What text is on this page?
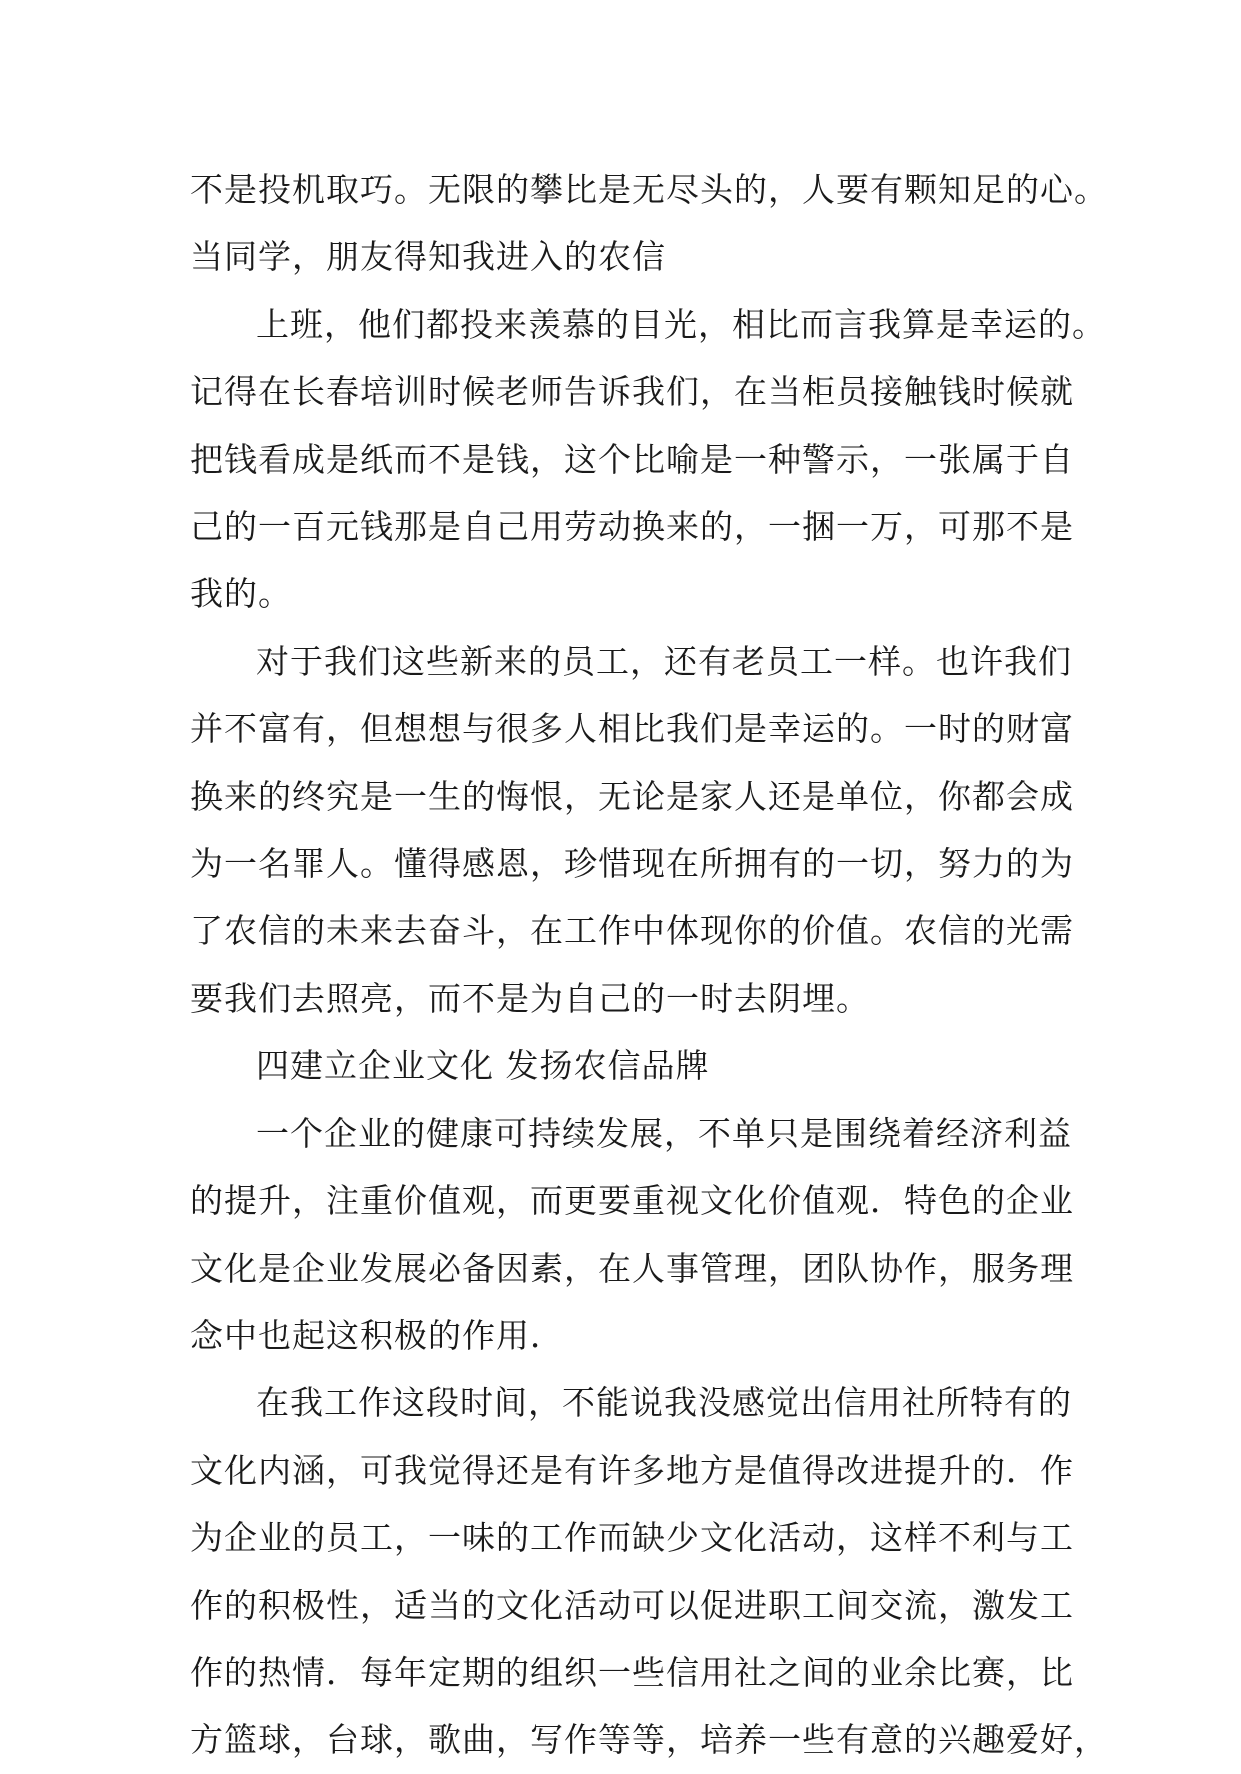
不是投机取巧。无限的攀比是无尽头的，人要有颗知足的心。
当同学，朋友得知我进入的农信
上班，他们都投来羡慕的目光，相比而言我算是幸运的。
记得在长春培训时候老师告诉我们，在当柜员接触钱时候就
把钱看成是纸而不是钱，这个比喻是一种警示，一张属于自
己的一百元钱那是自己用劳动换来的，一捆一万，可那不是
我的。
对于我们这些新来的员工，还有老员工一样。也许我们
并不富有，但想想与很多人相比我们是幸运的。一时的财富
换来的终究是一生的悔恨，无论是家人还是单位，你都会成
为一名罪人。懂得感恩，珍惜现在所拥有的一切，努力的为
了农信的未来去奋斗，在工作中体现你的价值。农信的光需
要我们去照亮，而不是为自己的一时去阴埋。
四建立企业文化 发扬农信品牌
一个企业的健康可持续发展，不单只是围绕着经济利益
的提升，注重价值观，而更要重视文化价值观．特色的企业
文化是企业发展必备因素，在人事管理，团队协作，服务理
念中也起这积极的作用．
在我工作这段时间，不能说我没感觉出信用社所特有的
文化内涵，可我觉得还是有许多地方是值得改进提升的．作
为企业的员工，一味的工作而缺少文化活动，这样不利与工
作的积极性，适当的文化活动可以促进职工间交流，激发工
作的热情．每年定期的组织一些信用社之间的业余比赛，比
方篮球，台球，歌曲，写作等等，培养一些有意的兴趣爱好，
